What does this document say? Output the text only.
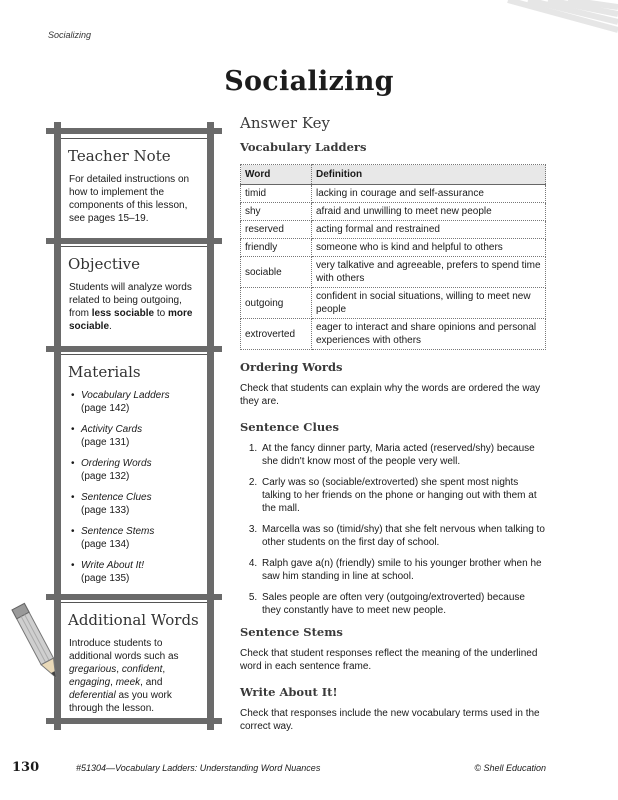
Socializing
Socializing
Teacher Note
For detailed instructions on how to implement the components of this lesson, see pages 15–19.
Objective
Students will analyze words related to being outgoing, from less sociable to more sociable.
Materials
• Vocabulary Ladders
(page 142)
• Activity Cards
(page 131)
• Ordering Words
(page 132)
• Sentence Clues
(page 133)
• Sentence Stems
(page 134)
• Write About It!
(page 135)
Additional Words
Introduce students to additional words such as gregarious, confident, engaging, meek, and deferential as you work through the lesson.
Answer Key
Vocabulary Ladders
Word	Definition
timid	lacking in courage and self-assurance
shy	afraid and unwilling to meet new people
reserved	acting formal and restrained
friendly	someone who is kind and helpful to others
sociable	very talkative and agreeable, prefers to spend time with others
outgoing	confident in social situations, willing to meet new people
extroverted	eager to interact and share opinions and personal experiences with others
Ordering Words
Check that students can explain why the words are ordered the way they are.
Sentence Clues
1. At the fancy dinner party, Maria acted (reserved/shy) because she didn't know most of the people very well.
2. Carly was so (sociable/extroverted) she spent most nights talking to her friends on the phone or hanging out with them at the mall.
3. Marcella was so (timid/shy) that she felt nervous when talking to other students on the first day of school.
4. Ralph gave a(n) (friendly) smile to his younger brother when he saw him standing in line at school.
5. Sales people are often very (outgoing/extroverted) because they constantly have to meet new people.
Sentence Stems
Check that student responses reflect the meaning of the underlined word in each sentence frame.
Write About It!
Check that responses include the new vocabulary terms used in the correct way.
130	#51304—Vocabulary Ladders: Understanding Word Nuances	© Shell Education
